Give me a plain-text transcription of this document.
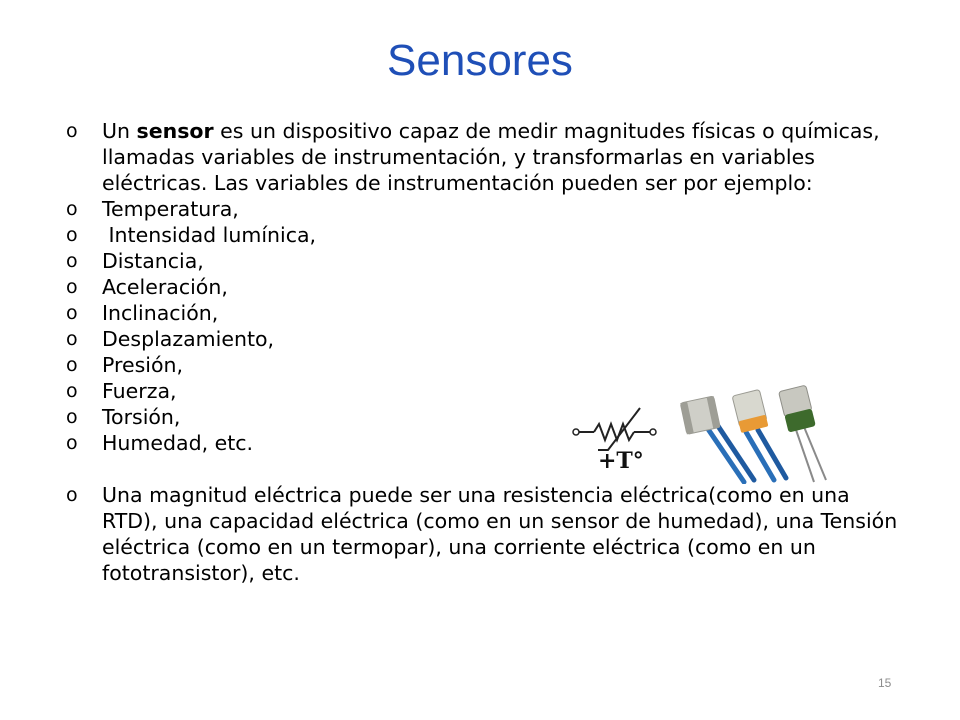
Sensores
o Un sensor es un dispositivo capaz de medir magnitudes físicas o químicas, llamadas variables de instrumentación, y transformarlas en variables eléctricas. Las variables de instrumentación pueden ser por ejemplo:
o Temperatura,
o Intensidad lumínica,
o Distancia,
o Aceleración,
o Inclinación,
o Desplazamiento,
o Presión,
o Fuerza,
o Torsión,
o Humedad, etc.
o Una magnitud eléctrica puede ser una resistencia eléctrica(como en una RTD), una capacidad eléctrica (como en un sensor de humedad), una Tensión eléctrica (como en un termopar), una corriente eléctrica (como en un fototransistor), etc.
+T°
15
